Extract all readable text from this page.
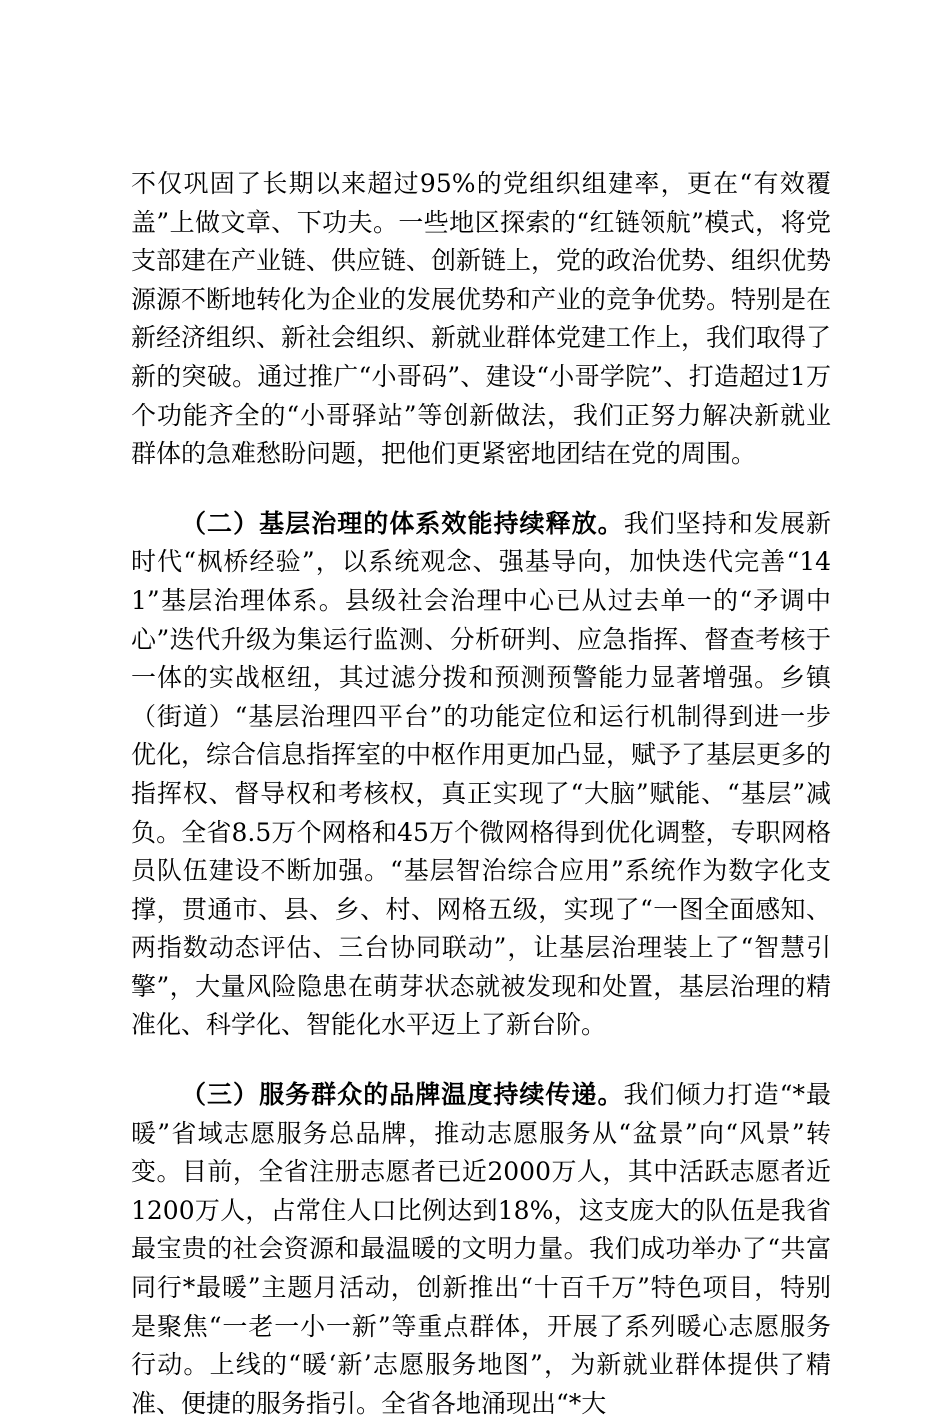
不仅巩固了长期以来超过95%的党组织组建率，更在“有效覆盖”上做文章、下功夫。一些地区探索的“红链领航”模式，将党支部建在产业链、供应链、创新链上，党的政治优势、组织优势源源不断地转化为企业的发展优势和产业的竞争优势。特别是在新经济组织、新社会组织、新就业群体党建工作上，我们取得了新的突破。通过推广“小哥码”、建设“小哥学院”、打造超过1万个功能齐全的“小哥驿站”等创新做法，我们正努力解决新就业群体的急难愁盼问题，把他们更紧密地团结在党的周围。

（二）基层治理的体系效能持续释放。我们坚持和发展新时代“枫桥经验”，以系统观念、强基导向，加快迭代完善“141”基层治理体系。县级社会治理中心已从过去单一的“矛调中心”迭代升级为集运行监测、分析研判、应急指挥、督查考核于一体的实战枢纽，其过滤分拨和预测预警能力显著增强。乡镇（街道）“基层治理四平台”的功能定位和运行机制得到进一步优化，综合信息指挥室的中枢作用更加凸显，赋予了基层更多的指挥权、督导权和考核权，真正实现了“大脑”赋能、“基层”减负。全省8.5万个网格和45万个微网格得到优化调整，专职网格员队伍建设不断加强。“基层智治综合应用”系统作为数字化支撑，贯通市、县、乡、村、网格五级，实现了“一图全面感知、两指数动态评估、三台协同联动”，让基层治理装上了“智慧引擎”，大量风险隐患在萌芽状态就被发现和处置，基层治理的精准化、科学化、智能化水平迈上了新台阶。

（三）服务群众的品牌温度持续传递。我们倾力打造“*最暖”省域志愿服务总品牌，推动志愿服务从“盆景”向“风景”转变。目前，全省注册志愿者已近2000万人，其中活跃志愿者近1200万人，占常住人口比例达到18%，这支庞大的队伍是我省最宝贵的社会资源和最温暖的文明力量。我们成功举办了“共富同行*最暖”主题月活动，创新推出“十百千万”特色项目，特别是聚焦“一老一小一新”等重点群体，开展了系列暖心志愿服务行动。上线的“暖‘新’志愿服务地图”，为新就业群体提供了精准、便捷的服务指引。全省各地涌现出“*大
